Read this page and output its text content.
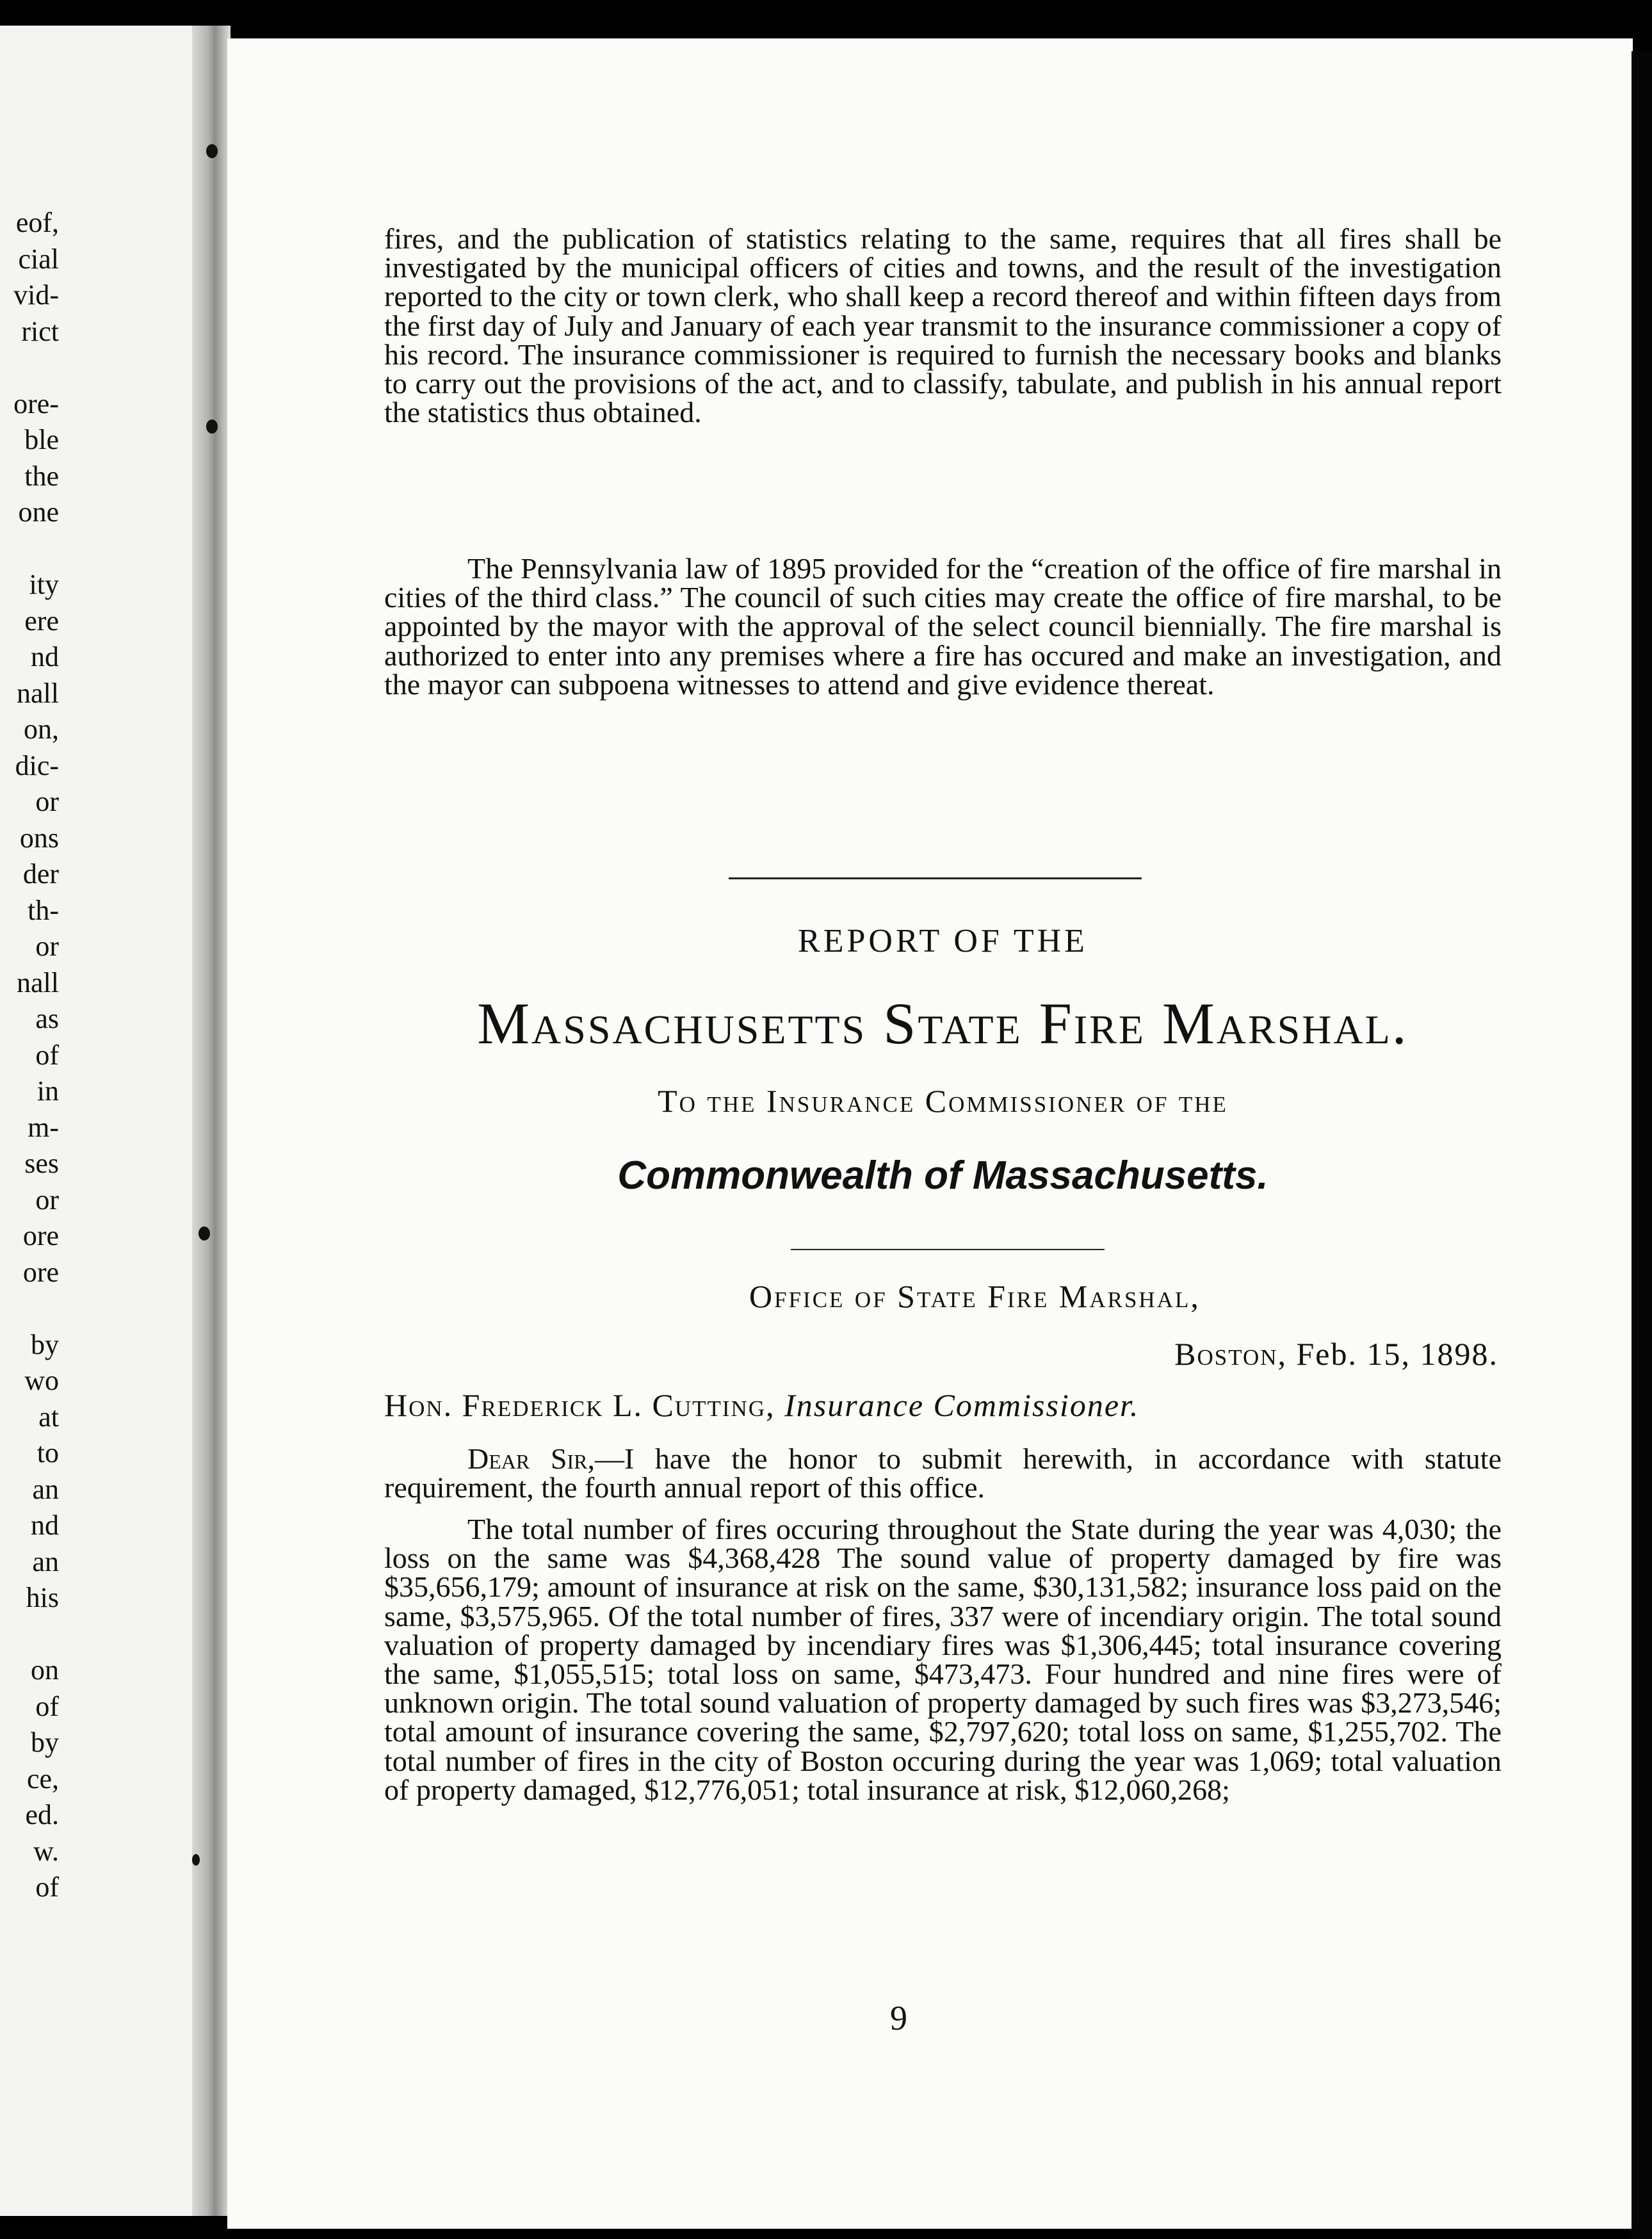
eof,
cial
vid-
rict
ore-
ble
the
one
ity
ere
nd
nall
on,
dic-
or
ons
der
th-
or
nall
as
of
in
m-
ses
or
ore
ore
by
wo
at
to
an
nd
an
his
on
of
by
ce,
ed.
w.
of

fires, and the publication of statistics relating to the same, requires that all fires shall be investigated by the municipal officers of cities and towns, and the result of the investigation reported to the city or town clerk, who shall keep a record thereof and within fifteen days from the first day of July and January of each year transmit to the insurance commissioner a copy of his record. The insurance commissioner is required to furnish the necessary books and blanks to carry out the provisions of the act, and to classify, tabulate, and publish in his annual report the statistics thus obtained.

The Pennsylvania law of 1895 provided for the “creation of the office of fire marshal in cities of the third class.” The council of such cities may create the office of fire marshal, to be appointed by the mayor with the approval of the select council biennially. The fire marshal is authorized to enter into any premises where a fire has occured and make an investigation, and the mayor can subpoena witnesses to attend and give evidence thereat.

REPORT OF THE
Massachusetts State Fire Marshal.
To the Insurance Commissioner of the
Commonwealth of Massachusetts.
Office of State Fire Marshal,
Boston, Feb. 15, 1898.
Hon. Frederick L. Cutting, Insurance Commissioner.

Dear Sir,—I have the honor to submit herewith, in accordance with statute requirement, the fourth annual report of this office.

The total number of fires occuring throughout the State during the year was 4,030; the loss on the same was $4,368,428 The sound value of property damaged by fire was $35,656,179; amount of insurance at risk on the same, $30,131,582; insurance loss paid on the same, $3,575,965. Of the total number of fires, 337 were of incendiary origin. The total sound valuation of property damaged by incendiary fires was $1,306,445; total insurance covering the same, $1,055,515; total loss on same, $473,473. Four hundred and nine fires were of unknown origin. The total sound valuation of property damaged by such fires was $3,273,546; total amount of insurance covering the same, $2,797,620; total loss on same, $1,255,702. The total number of fires in the city of Boston occuring during the year was 1,069; total valuation of property damaged, $12,776,051; total insurance at risk, $12,060,268;

9
